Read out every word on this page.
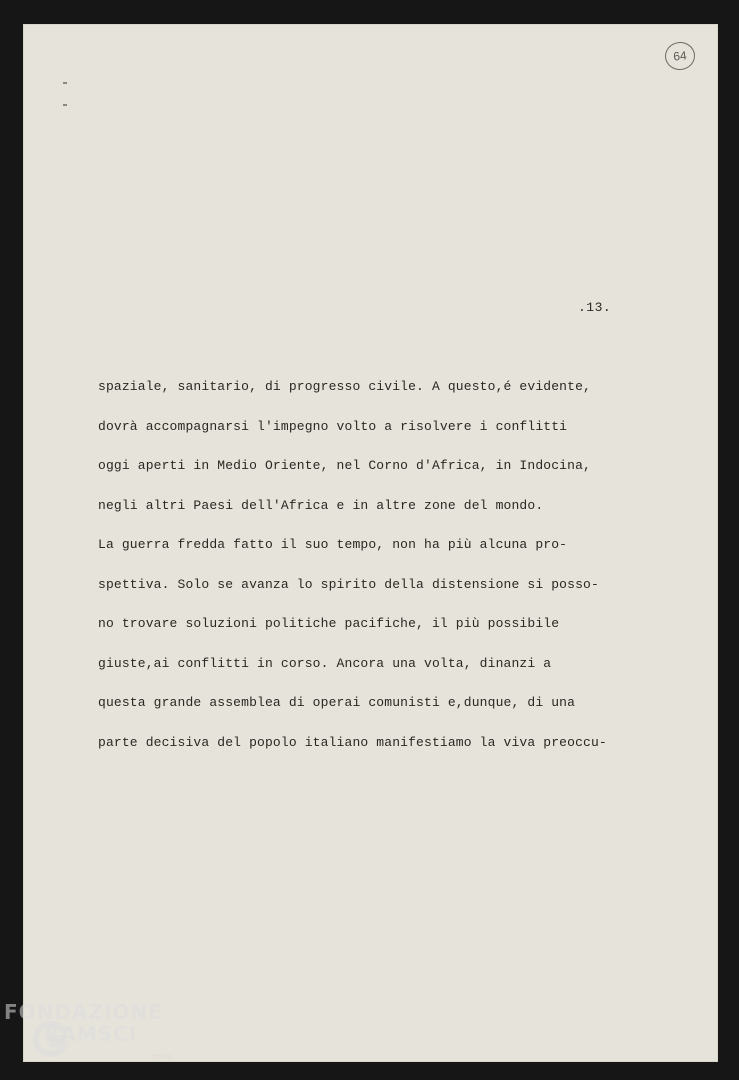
64
.13.
spaziale, sanitario, di progresso civile. A questo,é evidente,
dovrà accompagnarsi l'impegno volto a risolvere i conflitti
oggi aperti in Medio Oriente, nel Corno d'Africa, in Indocina,
negli altri Paesi dell'Africa e in altre zone del mondo.
La guerra fredda fatto il suo tempo, non ha più alcuna pro-
spettiva. Solo se avanza lo spirito della distensione si posso-
no trovare soluzioni politiche pacifiche, il più possibile
giuste,ai conflitti in corso. Ancora una volta, dinanzi a
questa grande assemblea di operai comunisti e,dunque, di una
parte decisiva del popolo italiano manifestiamo la viva preoccu-
FONDAZIONE
RAMSCI
onlus
